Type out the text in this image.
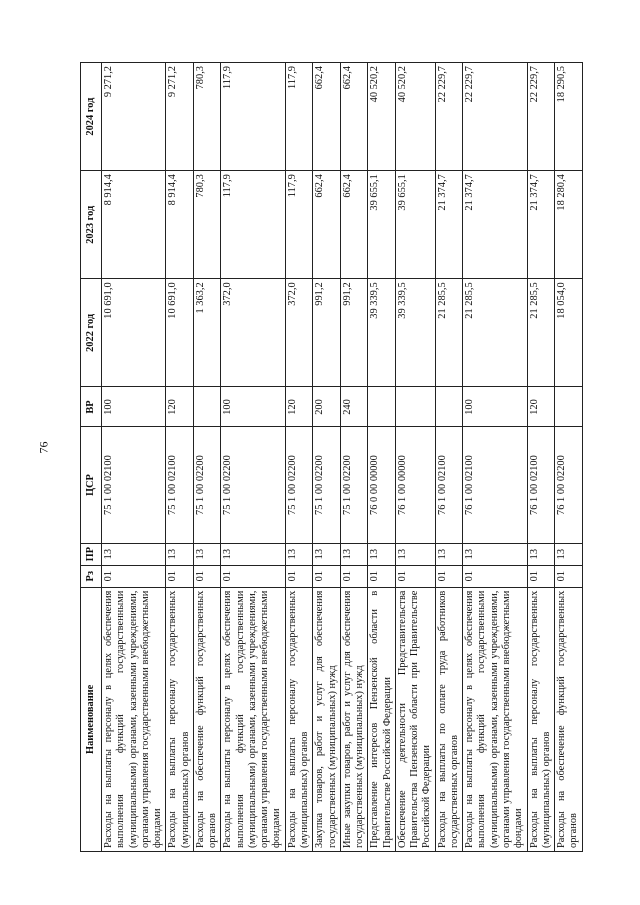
76
Наименование	Рз	ПР	ЦСР	ВР	2022 год	2023 год	2024 год
Расходы на выплаты персоналу в целях обеспечения выполнения функций государственными (муниципальными) органами, казенными учреждениями, органами управления государственными внебюджетными фондами	01	13	75 1 00 02100	100	10 691,0	8 914,4	9 271,2
Расходы на выплаты персоналу государственных (муниципальных) органов	01	13	75 1 00 02100	120	10 691,0	8 914,4	9 271,2
Расходы на обеспечение функций государственных органов	01	13	75 1 00 02200		1 363,2	780,3	780,3
Расходы на выплаты персоналу в целях обеспечения выполнения функций государственными (муниципальными) органами, казенными учреждениями, органами управления государственными внебюджетными фондами	01	13	75 1 00 02200	100	372,0	117,9	117,9
Расходы на выплаты персоналу государственных (муниципальных) органов	01	13	75 1 00 02200	120	372,0	117,9	117,9
Закупка товаров, работ и услуг для обеспечения государственных (муниципальных) нужд	01	13	75 1 00 02200	200	991,2	662,4	662,4
Иные закупки товаров, работ и услуг для обеспечения государственных (муниципальных) нужд	01	13	75 1 00 02200	240	991,2	662,4	662,4
Представление интересов Пензенской области в Правительстве Российской Федерации	01	13	76 0 00 00000		39 339,5	39 655,1	40 520,2
Обеспечение деятельности Представительства Правительства Пензенской области при Правительстве Российской Федерации	01	13	76 1 00 00000		39 339,5	39 655,1	40 520,2
Расходы на выплаты по оплате труда работников государственных органов	01	13	76 1 00 02100		21 285,5	21 374,7	22 229,7
Расходы на выплаты персоналу в целях обеспечения выполнения функций государственными (муниципальными) органами, казенными учреждениями, органами управления государственными внебюджетными фондами	01	13	76 1 00 02100	100	21 285,5	21 374,7	22 229,7
Расходы на выплаты персоналу государственных (муниципальных) органов	01	13	76 1 00 02100	120	21 285,5	21 374,7	22 229,7
Расходы на обеспечение функций государственных органов	01	13	76 1 00 02200		18 054,0	18 280,4	18 290,5
